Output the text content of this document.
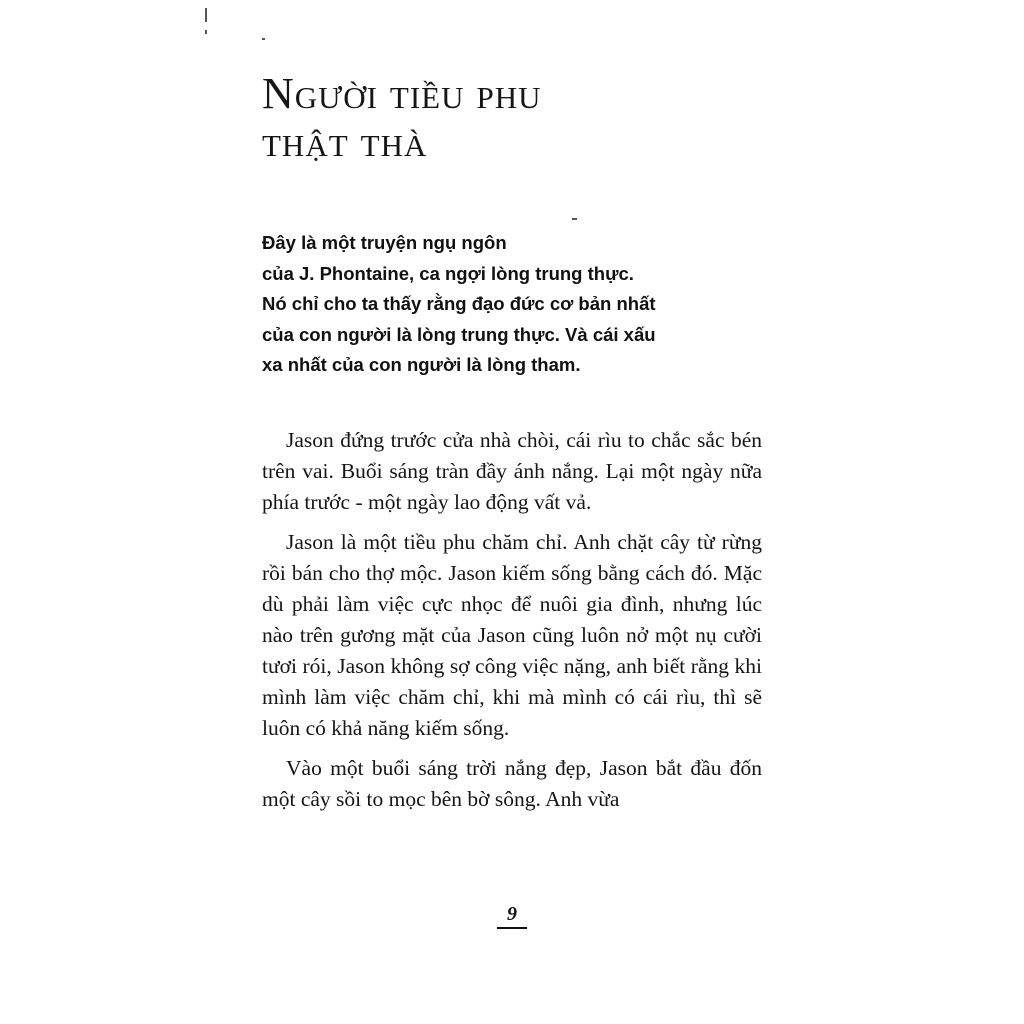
Người tiều phu
thật thà
Đây là một truyện ngụ ngôn
của J. Phontaine, ca ngợi lòng trung thực.
Nó chỉ cho ta thấy rằng đạo đức cơ bản nhất
của con người là lòng trung thực. Và cái xấu
xa nhất của con người là lòng tham.

Jason đứng trước cửa nhà chòi, cái rìu to chắc sắc bén trên vai. Buổi sáng tràn đầy ánh nắng. Lại một ngày nữa phía trước - một ngày lao động vất vả.

Jason là một tiều phu chăm chỉ. Anh chặt cây từ rừng rồi bán cho thợ mộc. Jason kiếm sống bằng cách đó. Mặc dù phải làm việc cực nhọc để nuôi gia đình, nhưng lúc nào trên gương mặt của Jason cũng luôn nở một nụ cười tươi rói, Jason không sợ công việc nặng, anh biết rằng khi mình làm việc chăm chỉ, khi mà mình có cái rìu, thì sẽ luôn có khả năng kiếm sống.

Vào một buổi sáng trời nắng đẹp, Jason bắt đầu đốn một cây sồi to mọc bên bờ sông. Anh vừa

9
